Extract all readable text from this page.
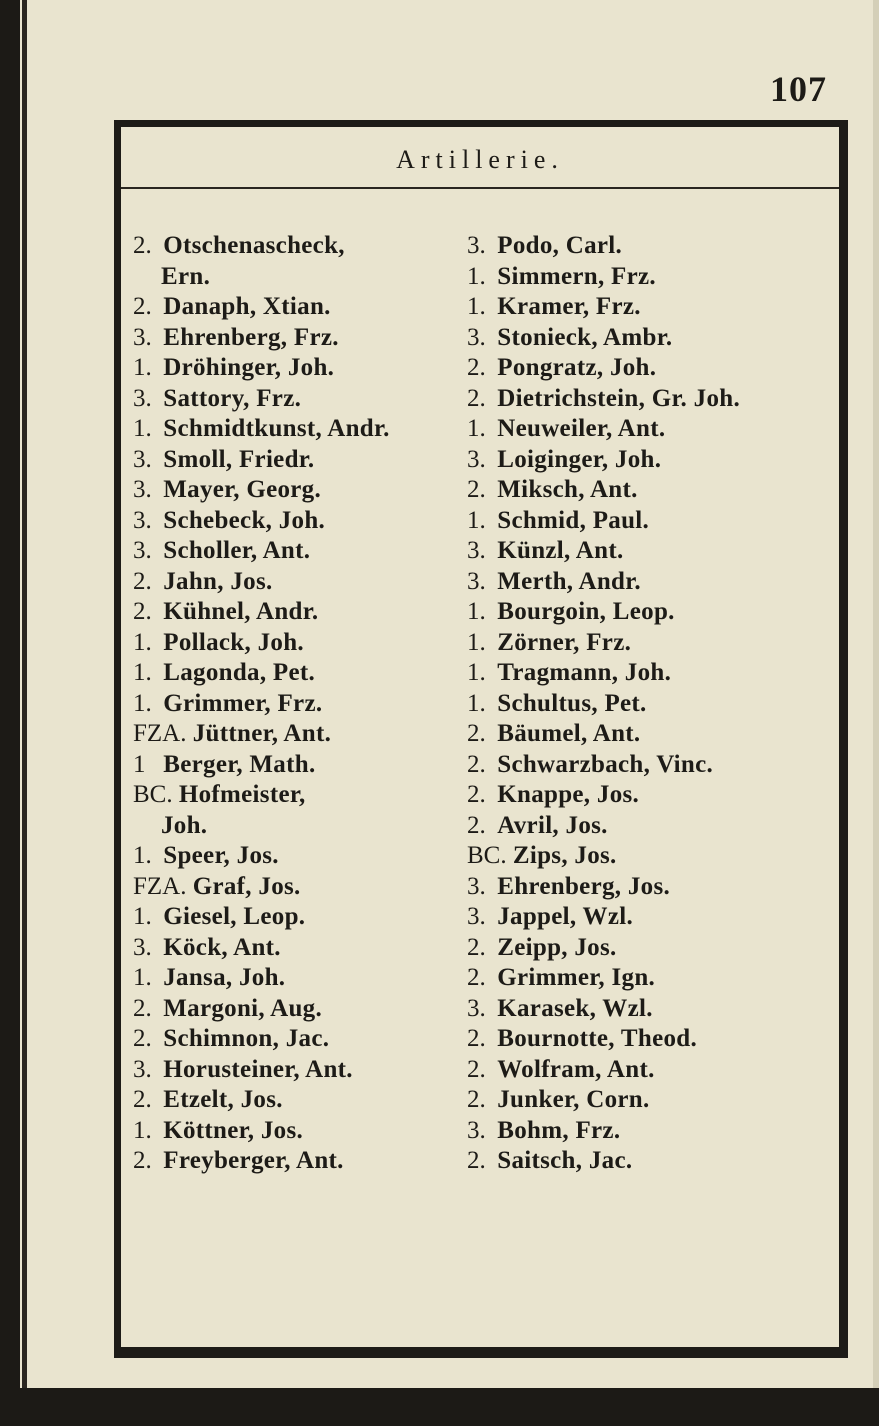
107
Artillerie.
2. Otschenascheck,
Ern.
2. Danaph, Xtian.
3. Ehrenberg, Frz.
1. Dröhinger, Joh.
3. Sattory, Frz.
1. Schmidtkunst, Andr.
3. Smoll, Friedr.
3. Mayer, Georg.
3. Schebeck, Joh.
3. Scholler, Ant.
2. Jahn, Jos.
2. Kühnel, Andr.
1. Pollack, Joh.
1. Lagonda, Pet.
1. Grimmer, Frz.
FZA. Jüttner, Ant.
1 Berger, Math.
BC. Hofmeister,
Joh.
1. Speer, Jos.
FZA. Graf, Jos.
1. Giesel, Leop.
3. Köck, Ant.
1. Jansa, Joh.
2. Margoni, Aug.
2. Schimnon, Jac.
3. Horusteiner, Ant.
2. Etzelt, Jos.
1. Köttner, Jos.
2. Freyberger, Ant.
3. Podo, Carl.
1. Simmern, Frz.
1. Kramer, Frz.
3. Stonieck, Ambr.
2. Pongratz, Joh.
2. Dietrichstein, Gr. Joh.
1. Neuweiler, Ant.
3. Loiginger, Joh.
2. Miksch, Ant.
1. Schmid, Paul.
3. Künzl, Ant.
3. Merth, Andr.
1. Bourgoin, Leop.
1. Zörner, Frz.
1. Tragmann, Joh.
1. Schultus, Pet.
2. Bäumel, Ant.
2. Schwarzbach, Vinc.
2. Knappe, Jos.
2. Avril, Jos.
BC. Zips, Jos.
3. Ehrenberg, Jos.
3. Jappel, Wzl.
2. Zeipp, Jos.
2. Grimmer, Ign.
3. Karasek, Wzl.
2. Bournotte, Theod.
2. Wolfram, Ant.
2. Junker, Corn.
3. Bohm, Frz.
2. Saitsch, Jac.
